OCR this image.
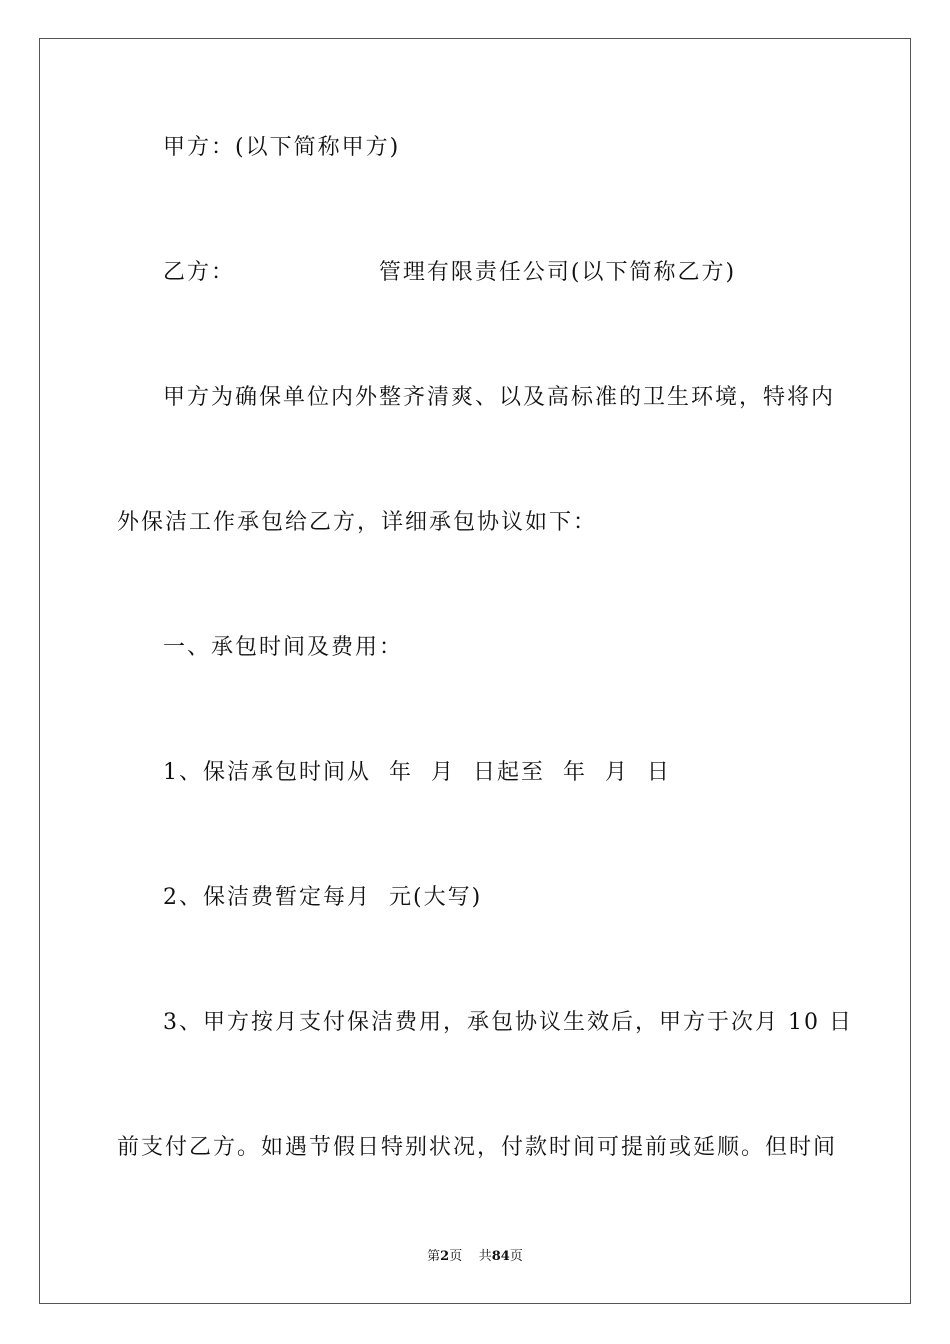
甲方：(以下简称甲方)
乙方：                管理有限责任公司(以下简称乙方)
甲方为确保单位内外整齐清爽、以及高标准的卫生环境，特将内
外保洁工作承包给乙方，详细承包协议如下：
一、承包时间及费用：
1、保洁承包时间从  年  月  日起至  年  月  日
2、保洁费暂定每月  元(大写)
3、甲方按月支付保洁费用，承包协议生效后，甲方于次月 10 日
前支付乙方。如遇节假日特别状况，付款时间可提前或延顺。但时间
第2页 共84页
